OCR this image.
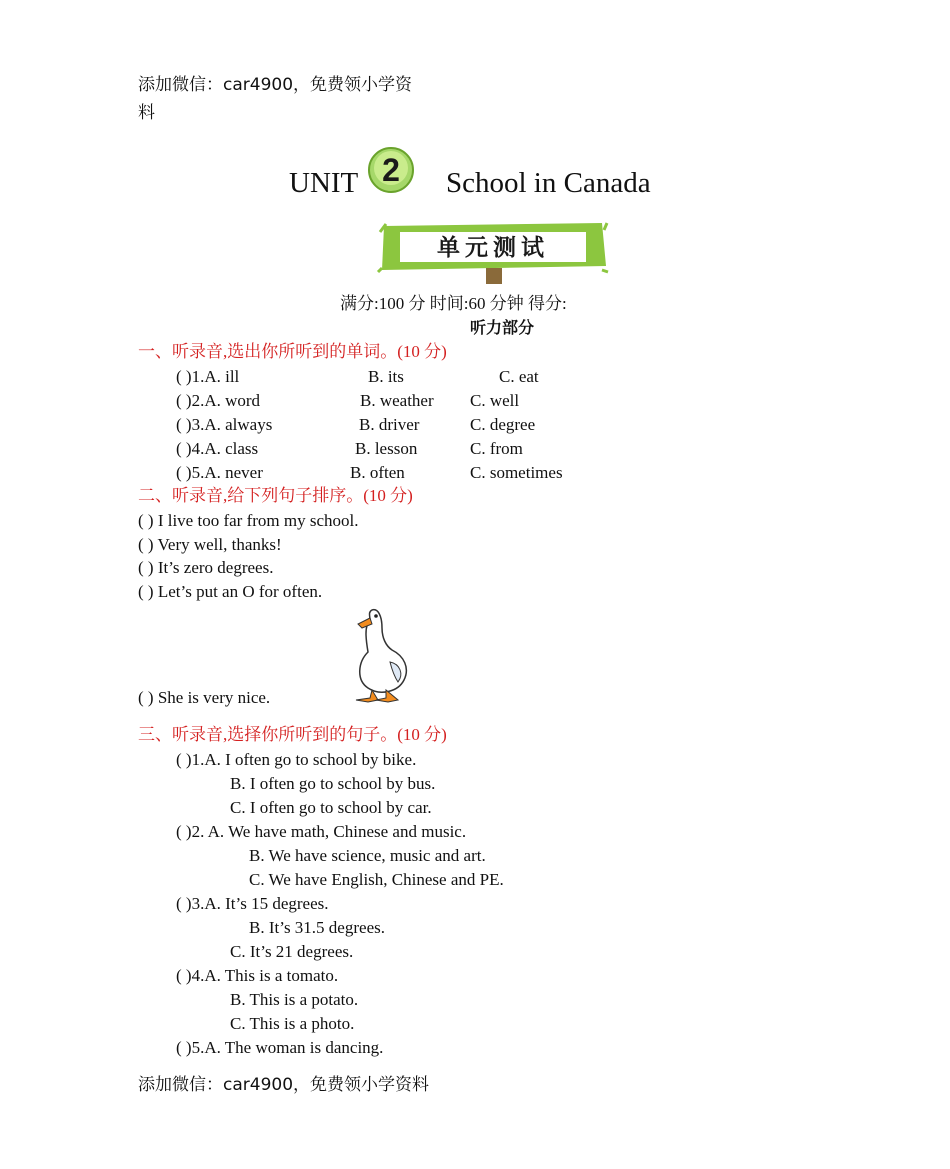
添加微信：car4900，免费领小学资
料
UNIT 2 School in Canada
单元测试
满分:100 分 时间:60 分钟 得分:
听力部分
一、听录音,选出你所听到的单词。(10 分)
( )1.A. ill	B. its	C. eat
( )2.A. word	B. weather C. well
( )3.A. always	B. driver	C. degree
( )4.A. class	B. lesson	C. from
( )5.A. never	B. often	C. sometimes
二、听录音,给下列句子排序。(10 分)
( ) I live too far from my school.
( ) Very well, thanks!
( ) It’s zero degrees.
( ) Let’s put an O for often.
( ) She is very nice.
三、听录音,选择你所听到的句子。(10 分)
( )1.A. I often go to school by bike.
B. I often go to school by bus.
C. I often go to school by car.
( )2. A. We have math, Chinese and music.
B. We have science, music and art.
C. We have English, Chinese and PE.
( )3.A. It’s 15 degrees.
B. It’s 31.5 degrees.
C. It’s 21 degrees.
( )4.A. This is a tomato.
B. This is a potato.
C. This is a photo.
( )5.A. The woman is dancing.
添加微信：car4900，免费领小学资料
